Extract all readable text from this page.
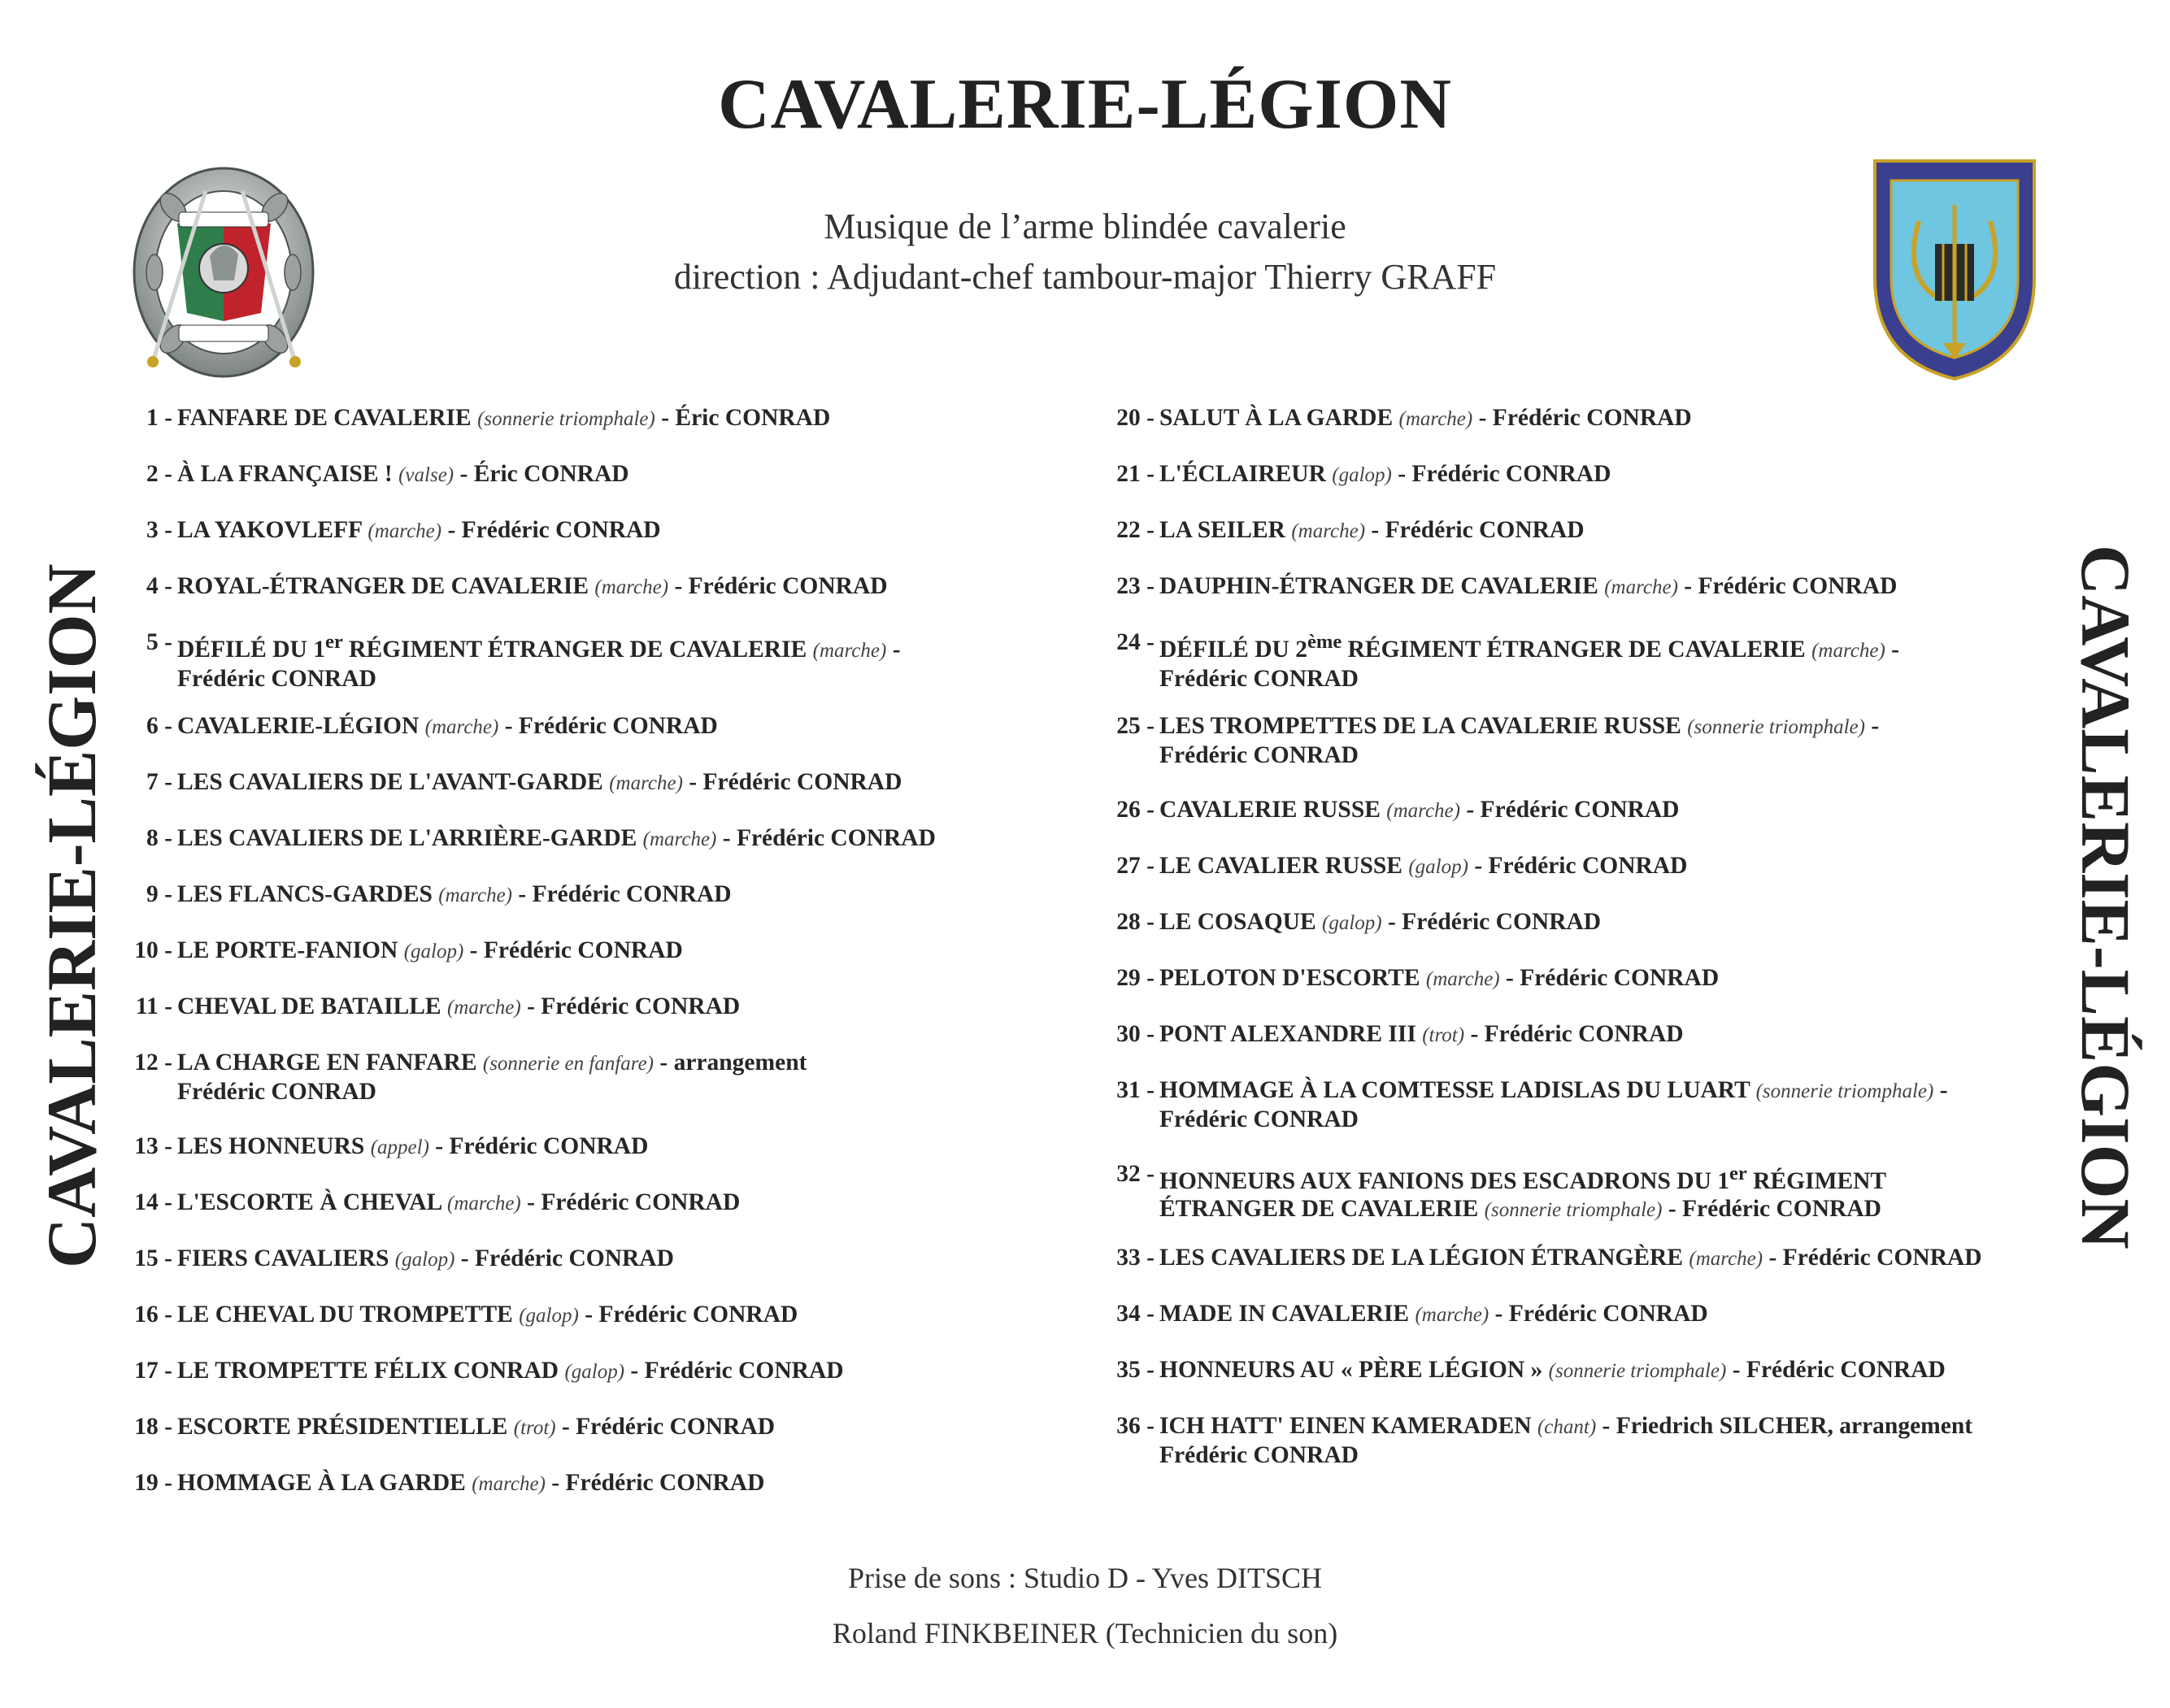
CAVALERIE-LÉGION
Musique de l’arme blindée cavalerie
direction : Adjudant-chef tambour-major Thierry GRAFF
CAVALERIE-LÉGION	CAVALERIE-LÉGION
1 - FANFARE DE CAVALERIE (sonnerie triomphale) - Éric CONRAD
2 - À LA FRANÇAISE ! (valse) - Éric CONRAD
3 - LA YAKOVLEFF (marche) - Frédéric CONRAD
4 - ROYAL-ÉTRANGER DE CAVALERIE (marche) - Frédéric CONRAD
5 - DÉFILÉ DU 1er RÉGIMENT ÉTRANGER DE CAVALERIE (marche) -
Frédéric CONRAD
6 - CAVALERIE-LÉGION (marche) - Frédéric CONRAD
7 - LES CAVALIERS DE L'AVANT-GARDE (marche) - Frédéric CONRAD
8 - LES CAVALIERS DE L'ARRIÈRE-GARDE (marche) - Frédéric CONRAD
9 - LES FLANCS-GARDES (marche) - Frédéric CONRAD
10 - LE PORTE-FANION (galop) - Frédéric CONRAD
11 - CHEVAL DE BATAILLE (marche) - Frédéric CONRAD
12 - LA CHARGE EN FANFARE (sonnerie en fanfare) - arrangement
Frédéric CONRAD
13 - LES HONNEURS (appel) - Frédéric CONRAD
14 - L'ESCORTE À CHEVAL (marche) - Frédéric CONRAD
15 - FIERS CAVALIERS (galop) - Frédéric CONRAD
16 - LE CHEVAL DU TROMPETTE (galop) - Frédéric CONRAD
17 - LE TROMPETTE FÉLIX CONRAD (galop) - Frédéric CONRAD
18 - ESCORTE PRÉSIDENTIELLE (trot) - Frédéric CONRAD
19 - HOMMAGE À LA GARDE (marche) - Frédéric CONRAD
20 - SALUT À LA GARDE (marche) - Frédéric CONRAD
21 - L'ÉCLAIREUR (galop) - Frédéric CONRAD
22 - LA SEILER (marche) - Frédéric CONRAD
23 - DAUPHIN-ÉTRANGER DE CAVALERIE (marche) - Frédéric CONRAD
24 - DÉFILÉ DU 2ème RÉGIMENT ÉTRANGER DE CAVALERIE (marche) -
Frédéric CONRAD
25 - LES TROMPETTES DE LA CAVALERIE RUSSE (sonnerie triomphale) -
Frédéric CONRAD
26 - CAVALERIE RUSSE (marche) - Frédéric CONRAD
27 - LE CAVALIER RUSSE (galop) - Frédéric CONRAD
28 - LE COSAQUE (galop) - Frédéric CONRAD
29 - PELOTON D'ESCORTE (marche) - Frédéric CONRAD
30 - PONT ALEXANDRE III (trot) - Frédéric CONRAD
31 - HOMMAGE À LA COMTESSE LADISLAS DU LUART (sonnerie triomphale) -
Frédéric CONRAD
32 - HONNEURS AUX FANIONS DES ESCADRONS DU 1er RÉGIMENT
ÉTRANGER DE CAVALERIE (sonnerie triomphale) - Frédéric CONRAD
33 - LES CAVALIERS DE LA LÉGION ÉTRANGÈRE (marche) - Frédéric CONRAD
34 - MADE IN CAVALERIE (marche) - Frédéric CONRAD
35 - HONNEURS AU « PÈRE LÉGION » (sonnerie triomphale) - Frédéric CONRAD
36 - ICH HATT' EINEN KAMERADEN (chant) - Friedrich SILCHER, arrangement
Frédéric CONRAD
Prise de sons : Studio D - Yves DITSCH
Roland FINKBEINER (Technicien du son)
